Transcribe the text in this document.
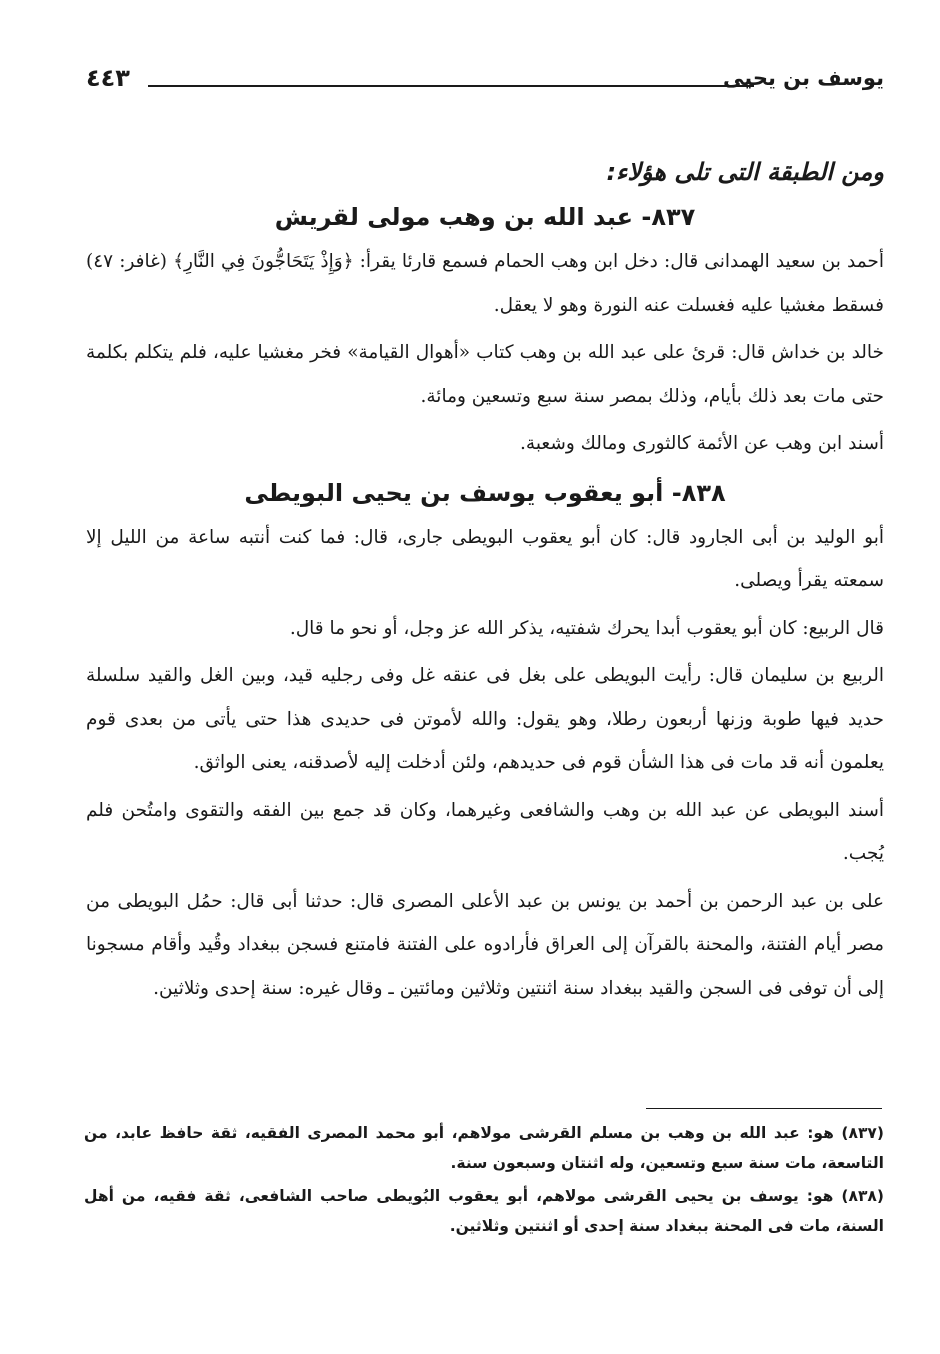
يوسف بن يحيى
٤٤٣

ومن الطبقة التى تلى هؤلاء:

٨٣٧- عبد الله بن وهب مولى لقريش

أحمد بن سعيد الهمدانى قال: دخل ابن وهب الحمام فسمع قارئا يقرأ: ﴿وَإِذْ يَتَحَاجُّونَ فِي النَّارِ﴾ (غافر: ٤٧) فسقط مغشيا عليه فغسلت عنه النورة وهو لا يعقل.

خالد بن خداش قال: قرئ على عبد الله بن وهب كتاب «أهوال القيامة» فخر مغشيا عليه، فلم يتكلم بكلمة حتى مات بعد ذلك بأيام، وذلك بمصر سنة سبع وتسعين ومائة.

أسند ابن وهب عن الأئمة كالثورى ومالك وشعبة.

٨٣٨- أبو يعقوب يوسف بن يحيى البويطى

أبو الوليد بن أبى الجارود قال: كان أبو يعقوب البويطى جارى، قال: فما كنت أنتبه ساعة من الليل إلا سمعته يقرأ ويصلى.

قال الربيع: كان أبو يعقوب أبدا يحرك شفتيه، يذكر الله عز وجل، أو نحو ما قال.

الربيع بن سليمان قال: رأيت البويطى على بغل فى عنقه غل وفى رجليه قيد، وبين الغل والقيد سلسلة حديد فيها طوبة وزنها أربعون رطلا، وهو يقول: والله لأموتن فى حديدى هذا حتى يأتى من بعدى قوم يعلمون أنه قد مات فى هذا الشأن قوم فى حديدهم، ولئن أدخلت إليه لأصدقنه، يعنى الواثق.

أسند البويطى عن عبد الله بن وهب والشافعى وغيرهما، وكان قد جمع بين الفقه والتقوى وامتُحن فلم يُجب.

على بن عبد الرحمن بن أحمد بن يونس بن عبد الأعلى المصرى قال: حدثنا أبى قال: حمُل البويطى من مصر أيام الفتنة، والمحنة بالقرآن إلى العراق فأرادوه على الفتنة فامتنع فسجن ببغداد وقُيد وأقام مسجونا إلى أن توفى فى السجن والقيد ببغداد سنة اثنتين وثلاثين ومائتين ـ وقال غيره: سنة إحدى وثلاثين.

(٨٣٧) هو: عبد الله بن وهب بن مسلم القرشى مولاهم، أبو محمد المصرى الفقيه، ثقة حافظ عابد، من التاسعة، مات سنة سبع وتسعين، وله اثنتان وسبعون سنة.

(٨٣٨) هو: يوسف بن يحيى القرشى مولاهم، أبو يعقوب البُويطى صاحب الشافعى، ثقة فقيه، من أهل السنة، مات فى المحنة ببغداد سنة إحدى أو اثنتين وثلاثين.
